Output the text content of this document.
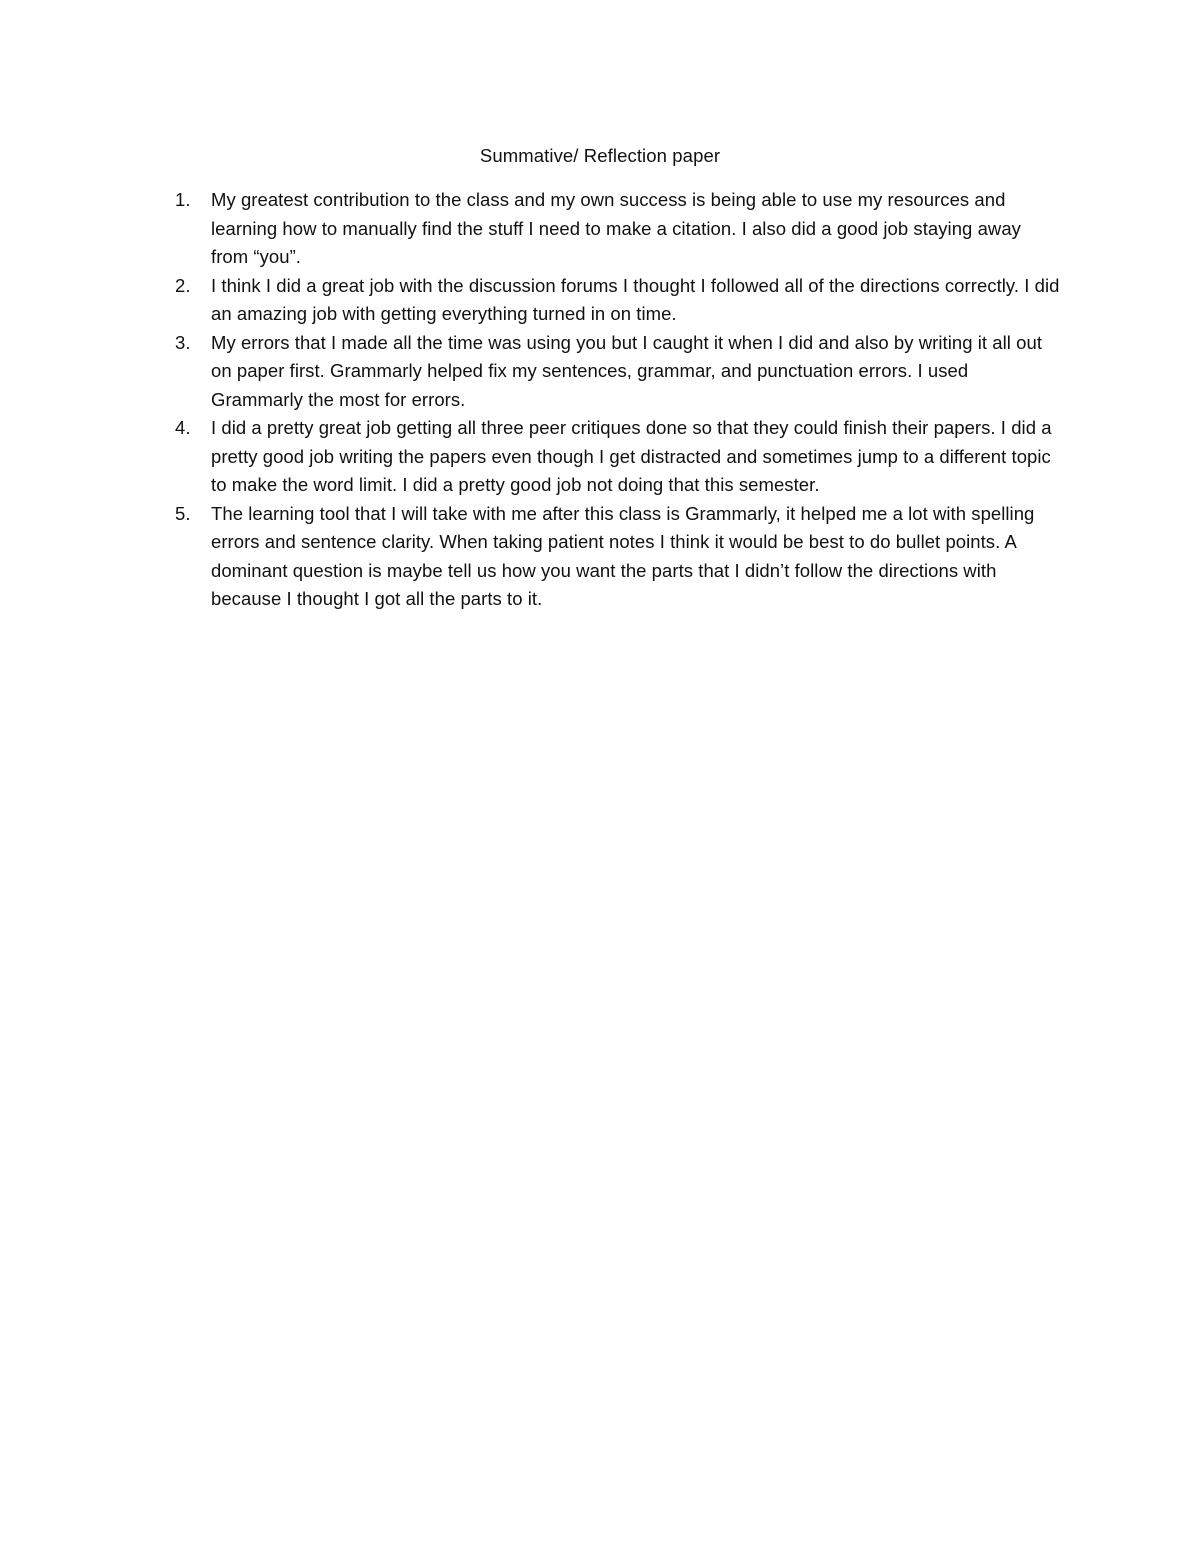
Summative/ Reflection paper
1.	My greatest contribution to the class and my own success is being able to use my resources and learning how to manually find the stuff I need to make a citation. I also did a good job staying away from “you”.
2.	I think I did a great job with the discussion forums I thought I followed all of the directions correctly. I did an amazing job with getting everything turned in on time.
3.	My errors that I made all the time was using you but I caught it when I did and also by writing it all out on paper first. Grammarly helped fix my sentences, grammar, and punctuation errors. I used Grammarly the most for errors.
4.	I did a pretty great job getting all three peer critiques done so that they could finish their papers. I did a pretty good job writing the papers even though I get distracted and sometimes jump to a different topic to make the word limit. I did a pretty good job not doing that this semester.
5.	The learning tool that I will take with me after this class is Grammarly, it helped me a lot with spelling errors and sentence clarity. When taking patient notes I think it would be best to do bullet points. A dominant question is maybe tell us how you want the parts that I didn’t follow the directions with because I thought I got all the parts to it.
